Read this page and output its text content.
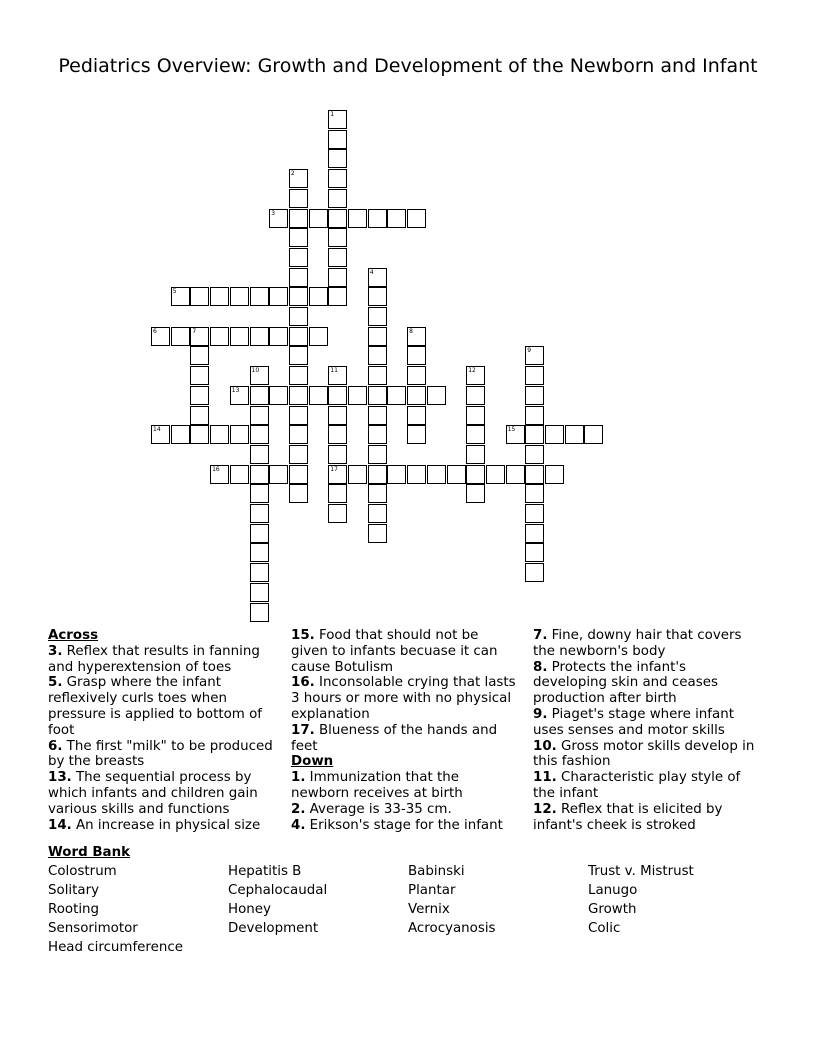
Pediatrics Overview: Growth and Development of the Newborn and Infant
1
2
3
4
5
6	7	8
9
10	11
17
12
13
14	15
16
Across
3. Reflex that results in fanning and hyperextension of toes
5. Grasp where the infant reflexively curls toes when pressure is applied to bottom of foot
6. The first "milk" to be produced by the breasts
13. The sequential process by which infants and children gain various skills and functions
14. An increase in physical size
15. Food that should not be given to infants becuase it can cause Botulism
16. Inconsolable crying that lasts 3 hours or more with no physical explanation
17. Blueness of the hands and feet
Down
1. Immunization that the newborn receives at birth
2. Average is 33-35 cm.
4. Erikson's stage for the infant
7. Fine, downy hair that covers the newborn's body
8. Protects the infant's developing skin and ceases production after birth
9. Piaget's stage where infant uses senses and motor skills
10. Gross motor skills develop in this fashion
11. Characteristic play style of the infant
12. Reflex that is elicited by infant's cheek is stroked
Word Bank
Colostrum	Hepatitis B	Babinski	Trust v. Mistrust
Solitary	Cephalocaudal	Plantar	Lanugo
Rooting	Honey	Vernix	Growth
Sensorimotor	Development	Acrocyanosis	Colic
Head circumference
